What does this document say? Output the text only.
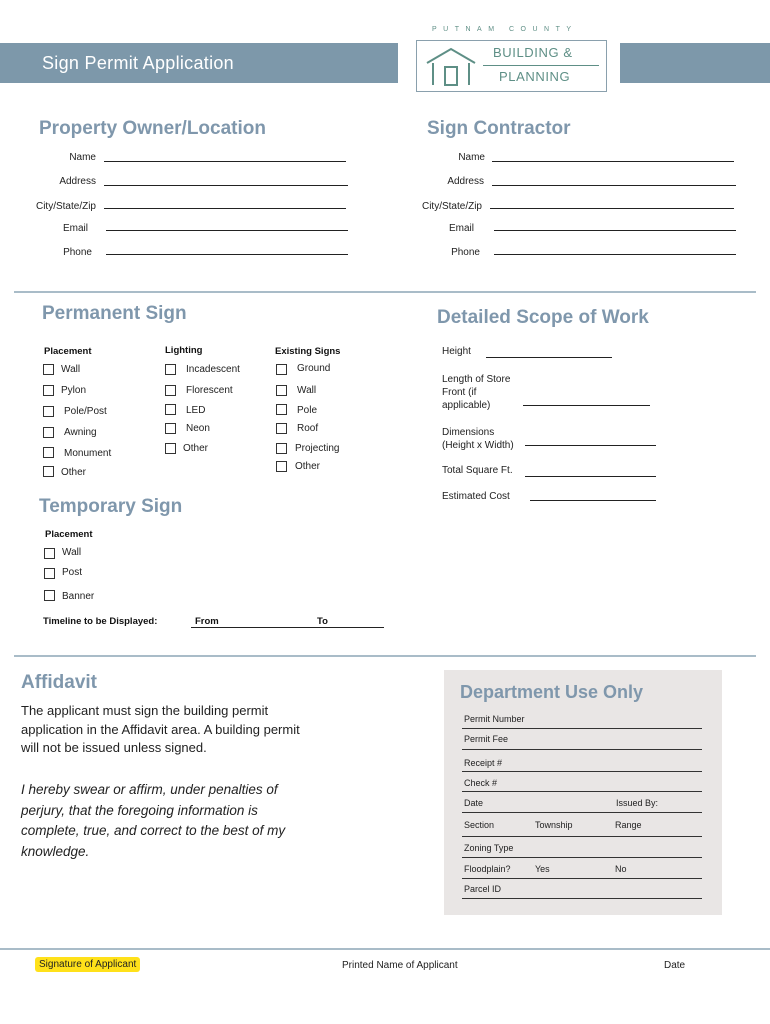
Sign Permit Application
PUTNAM COUNTY
BUILDING &
PLANNING
Property Owner/Location
Name
Address
City/State/Zip
Email
Phone
Sign Contractor
Name
Address
City/State/Zip
Email
Phone
Permanent Sign
Placement
Wall
Pylon
Pole/Post
Awning
Monument
Other
Lighting
Incadescent
Florescent
LED
Neon
Other
Existing Signs
Ground
Wall
Pole
Roof
Projecting
Other
Detailed Scope of Work
Height
Length of Store
Front (if
applicable)
Dimensions
(Height x Width)
Total Square Ft.
Estimated Cost
Temporary Sign
Placement
Wall
Post
Banner
Timeline to be Displayed:	From	To
Affidavit
The applicant must sign the building permit
application in the Affidavit area. A building permit
will not be issued unless signed.
I hereby swear or affirm, under penalties of
perjury, that the foregoing information is
complete, true, and correct to the best of my
knowledge.
Department Use Only
Permit Number
Permit Fee
Receipt #
Check #
Date	Issued By:
Section	Township	Range
Zoning Type
Floodplain?	Yes	No
Parcel ID
Signature of Applicant	Printed Name of Applicant	Date
